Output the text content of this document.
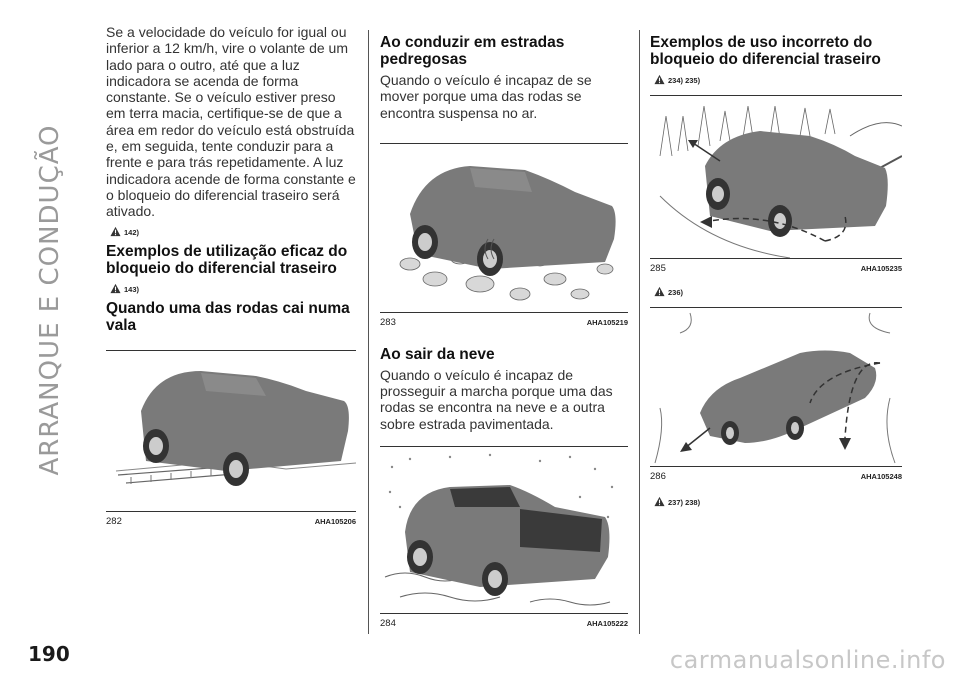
ARRANQUE E CONDUÇÃO

Se a velocidade do veículo for igual ou inferior a 12 km/h, vire o volante de um lado para o outro, até que a luz indicadora se acenda de forma constante. Se o veículo estiver preso em terra macia, certifique-se de que a área em redor do veículo está obstruída e, em seguida, tente conduzir para a frente e para trás repetidamente. A luz indicadora acende de forma constante e o bloqueio do diferencial traseiro será ativado.

142)
Exemplos de utilização eficaz do bloqueio do diferencial traseiro
143)
Quando uma das rodas cai numa vala
282	AHA105206
Ao conduzir em estradas pedregosas

Quando o veículo é incapaz de se mover porque uma das rodas se encontra suspensa no ar.

283	AHA105219
Ao sair da neve

Quando o veículo é incapaz de prosseguir a marcha porque uma das rodas se encontra na neve e a outra sobre estrada pavimentada.

284	AHA105222
Exemplos de uso incorreto do bloqueio do diferencial traseiro
234) 235)
285	AHA105235
236)
286	AHA105248
237) 238)
190	carmanualsonline.info
